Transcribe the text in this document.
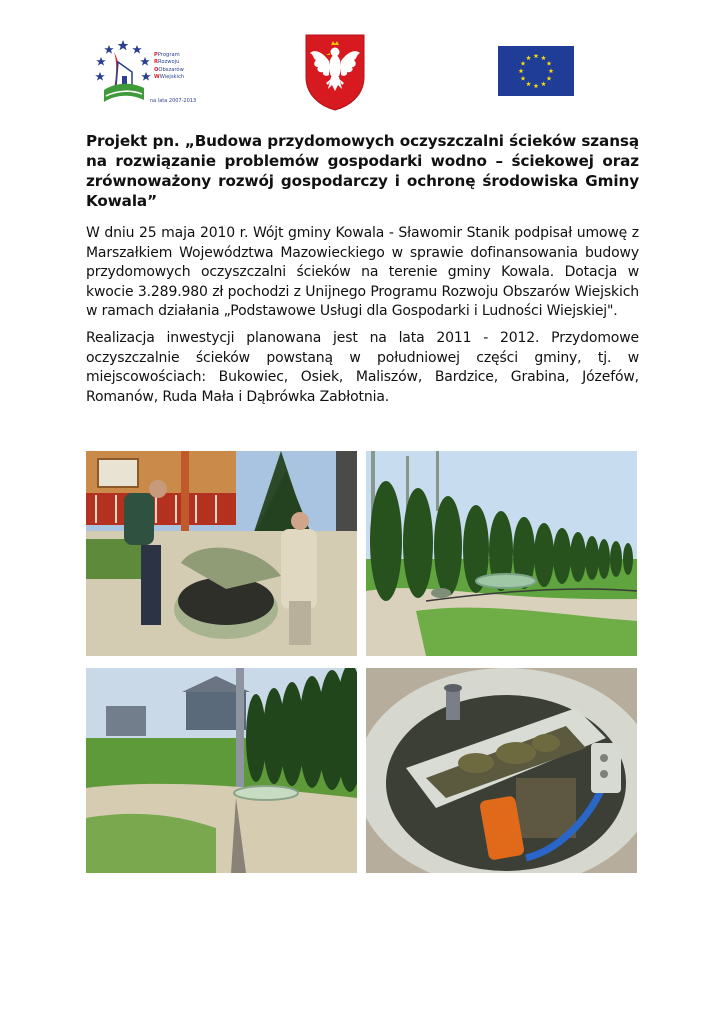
PProgram
RRozwoju
OObszarów
WWiejskich
na lata 2007-2013
Projekt pn. „Budowa przydomowych oczyszczalni ścieków szansą na rozwiązanie problemów gospodarki wodno – ściekowej oraz zrównoważony rozwój gospodarczy i ochronę środowiska Gminy Kowala”

W dniu 25 maja 2010 r. Wójt gminy Kowala - Sławomir Stanik podpisał umowę z Marszałkiem Województwa Mazowieckiego w sprawie dofinansowania budowy przydomowych oczyszczalni ścieków na terenie gminy Kowala. Dotacja w kwocie 3.289.980 zł pochodzi z Unijnego Programu Rozwoju Obszarów Wiejskich w ramach działania „Podstawowe Usługi dla Gospodarki i Ludności Wiejskiej".

Realizacja inwestycji planowana jest na lata 2011 - 2012. Przydomowe oczyszczalnie ścieków powstaną w południowej części gminy, tj. w miejscowościach: Bukowiec, Osiek, Maliszów, Bardzice, Grabina, Józefów, Romanów, Ruda Mała i Dąbrówka Zabłotnia.
